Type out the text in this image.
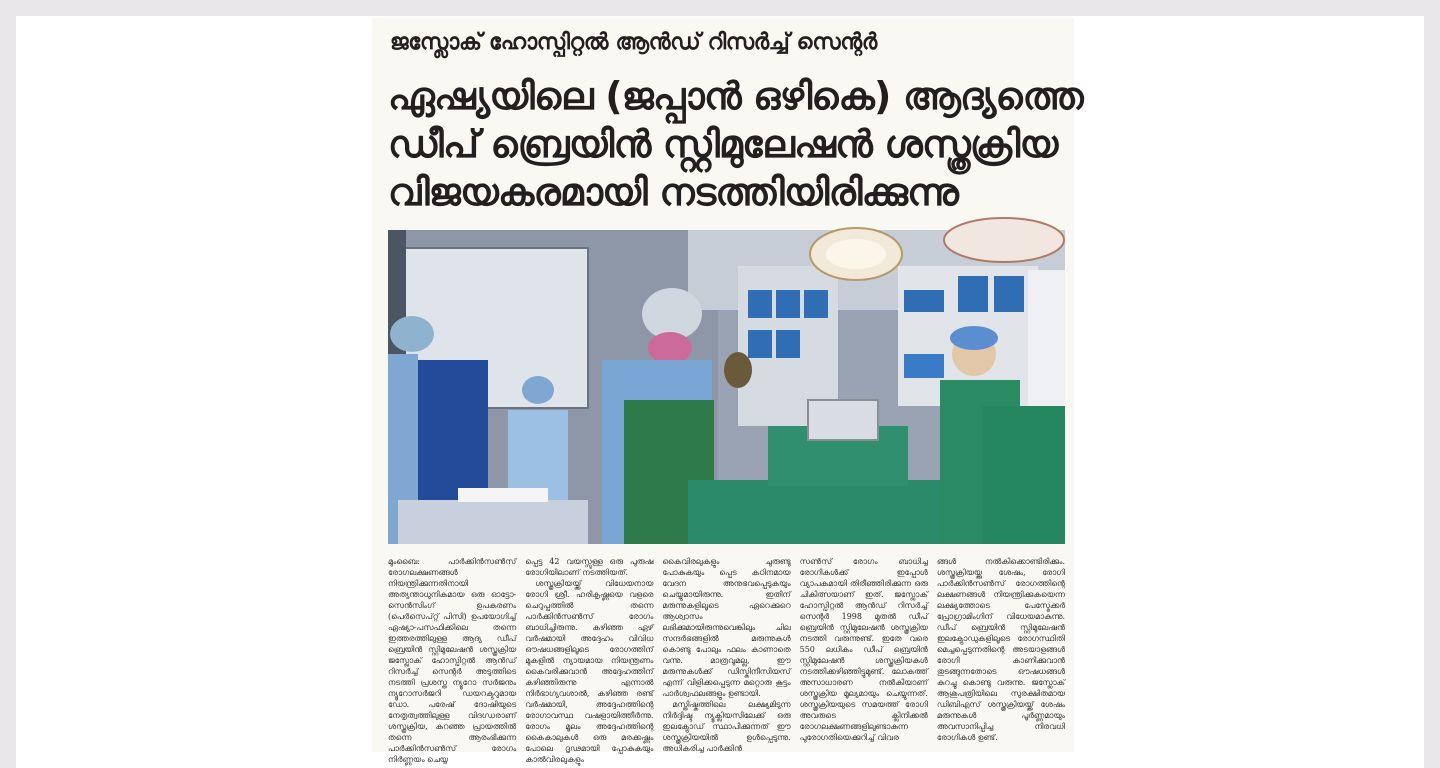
ജസ്ലോക് ഹോസ്പിറ്റൽ ആൻഡ് റിസർച്ച് സെന്റർ
ഏഷ്യയിലെ (ജപ്പാൻ ഒഴികെ) ആദ്യത്തെ
ഡീപ് ബ്രെയിൻ സ്റ്റിമുലേഷൻ ശസ്ത്രക്രിയ
വിജയകരമായി നടത്തിയിരിക്കുന്നു

മുംബൈ: പാർക്കിൻസൺസ് രോഗലക്ഷണങ്ങൾ നിയന്ത്രിക്കുന്നതിനായി അത്യന്താധുനികമായ ഒരു ഓട്ടോ-സെൻസിംഗ് ഉപകരണം (പെർസെപ്റ്റ് പിസി) ഉപയോഗിച്ച് ഏഷ്യാ-പസഫിക്കിലെ തന്നെ ഇത്തരത്തിലുള്ള ആദ്യ ഡീപ് ബ്രെയിൻ സ്റ്റിമുലേഷൻ ശസ്ത്രക്രിയ ജസ്ലോക് ഹോസ്പിറ്റൽ ആൻഡ് റിസർച്ച് സെന്റർ അടുത്തിടെ നടത്തി പ്രശസ്ത ന്യൂറോ സർജനും ന്യൂറോസർജറി ഡയറക്ടറുമായ ഡോ. പരേഷ് ദോഷിയുടെ നേതൃത്വത്തിലുള്ള വിദഗ്ധരാണ് ശസ്ത്രക്രിയ, കുറഞ്ഞ പ്രായത്തിൽ തന്നെ ആരംഭിക്കുന്ന പാർക്കിൻസൺസ് രോഗം നിർണ്ണയം ചെയ്യ

പ്പെട്ട 42 വയസ്സുള്ള ഒരു പുരുഷ രോഗിയിലാണ് നടത്തിയത്.

ശസ്ത്രക്രിയയ്ക്ക് വിധേയനായ രോഗി ശ്രീ. ഹരികൃഷ്ണയെ വളരെ ചെറുപ്പത്തിൽ തന്നെ പാർക്കിൻസൺസ് രോഗം ബാധിച്ചിരുന്നു. കഴിഞ്ഞ ഏഴ് വർഷമായി അദ്ദേഹം വിവിധ ഔഷധങ്ങളിലൂടെ രോഗത്തിന് മുകളിൽ ന്യായമായ നിയന്ത്രണം കൈവരിക്കുവാൻ അദ്ദേഹത്തിന് കഴിഞ്ഞിരുന്നു എന്നാൽ നിർഭാഗ്യവശാൽ, കഴിഞ്ഞ രണ്ട് വർഷമായി, അദ്ദേഹത്തിന്റെ രോഗാവസ്ഥ വഷളായിത്തീർന്നു. രോഗം മൂലം അദ്ദേഹത്തിന്റെ കൈകാലുകൾ ഒരു മരക്കഷ്ണം പോലെ ദൃഢമായി പ്പോകുകയും കാൽവിരലുകളും

കൈവിരലുകളും ചുരുണ്ടു പോകുകയും പ്പെട കഠിനമായ വേദന അനുഭവപ്പെടുകയും ചെയ്യുമായിരുന്നു. ഇതിന് മരുന്നുകളിലൂടെ ഏറെക്കുറെ ആശ്വാസം ലഭിക്കുമായിരുന്നുവെങ്കിലും ചില സന്ദർഭങ്ങളിൽ മരുന്നുകൾ കൊണ്ടു പോലും ഫലം കാണാതെ വന്നു. മാത്രവുമല്ല, ഈ മരുന്നുകൾക്ക് ഡിസ്കിനീസിയസ് എന്ന് വിളിക്കപ്പെടുന്ന മറ്റൊരു കൂട്ടം പാർശ്വഫലങ്ങളും ഉണ്ടായി.

മസ്തിഷ്കത്തിലെ ലക്ഷ്യമിടുന്ന നിർദ്ദിഷ്ട ന്യൂക്ലിയസിലേക്ക് ഒരു ഇലക്ട്രോഡ് സ്ഥാപിക്കുന്നത് ഈ ശസ്ത്രക്രിയയിൽ ഉൾപ്പെടുന്നു. അധികരിച്ച പാർക്കിൻ

സൺസ് രോഗം ബാധിച്ച രോഗികൾക്ക് ഇപ്പോൾ വ്യാപകമായി തിരീഞ്ഞിരിക്കുന്ന ഒരു ചികിത്സയാണ് ഇത്. ജസ്ലോക് ഹോസ്പിറ്റൽ ആൻഡ് റിസർച്ച് സെന്റർ 1998 മുതൽ ഡീപ് ബ്രെയിൻ സ്റ്റിമുലേഷൻ ശസ്ത്രക്രിയ നടത്തി വരുന്നുണ്ട്. ഇതേ വരെ 550 ലധികം ഡീപ് ബ്രെയിൻ സ്റ്റിമുലേഷൻ ശസ്ത്രക്രിയകൾ നടത്തിക്കഴിഞ്ഞിട്ടുമുണ്ട്. ലോകത്ത് അസാധാരണ നൽകിയാണ് ശസ്ത്രക്രിയ മൂല്യമായും ചെയ്യുന്നത്. ശസ്ത്രക്രിയയുടെ സമയത്ത് രോഗി അവരുടെ ക്ലിനിക്കൽ രോഗലക്ഷണങ്ങളിലുണ്ടാകുന്ന പുരോഗതിയെക്കുറിച്ച് വിവര

ങ്ങൾ നൽകിക്കൊണ്ടിരിക്കും. ശസ്ത്രക്രിയയ്ക്കു ശേഷം, രോഗി പാർക്കിൻസൺസ് രോഗത്തിന്റെ ലക്ഷണങ്ങൾ നിയന്ത്രിക്കുകയെന്ന ലക്ഷ്യത്തോടെ പേസ്മേക്കർ പ്രോഗ്രാമിംഗിന് വിധേയമാകുന്നു. ഡീപ് ബ്രെയിൻ സ്റ്റിമുലേഷൻ ഇലക്ട്രോഡുകളിലൂടെ രോഗസ്ഥിതി മെച്ചപ്പെടുന്നതിന്റെ അടയാളങ്ങൾ രോഗി കാണിക്കുവാൻ തുടങ്ങുന്നതോടെ ഔഷധങ്ങൾ കുറച്ചു കൊണ്ടു വരുന്നു. ജസ്ലോക് ആശുപത്രിയിലെ സുരക്ഷിതമായ ഡിബിഎസ് ശസ്ത്രക്രിയയ്ക്ക് ശേഷം മരുന്നുകൾ പൂർണ്ണമായും അവസാനിപ്പിച്ച നിരവധി രോഗികൾ ഉണ്ട്.
